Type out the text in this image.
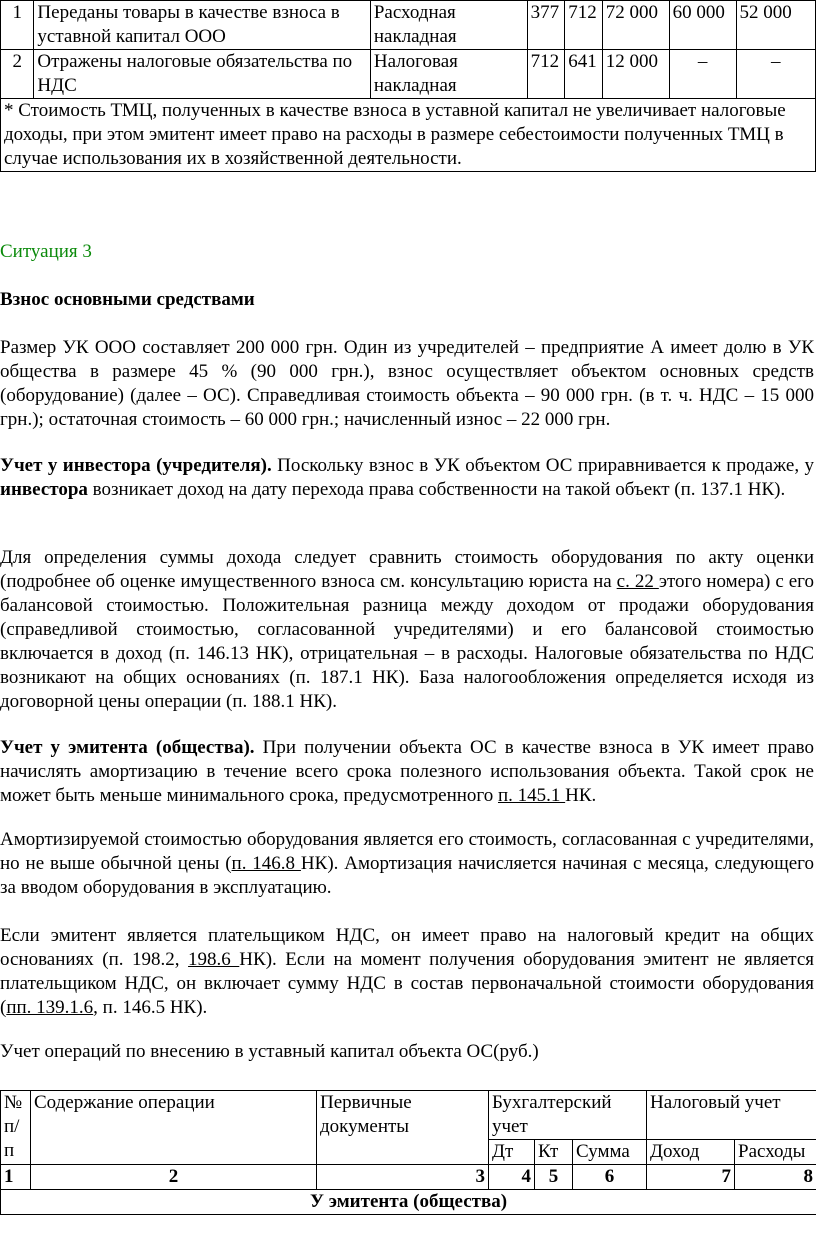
1	Переданы товары в качестве взноса в уставной капитал ООО	Расходная накладная	377	712	72 000	60 000	52 000
2	Отражены налоговые обязательства по НДС	Налоговая накладная	712	641	12 000	–	–
* Стоимость ТМЦ, полученных в качестве взноса в уставной капитал не увеличивает налоговые доходы, при этом эмитент имеет право на расходы в размере себестоимости полученных ТМЦ в случае использования их в хозяйственной деятельности.							
Ситуация 3
Взнос основными средствами
Размер УК ООО составляет 200 000 грн. Один из учредителей – предприятие А имеет долю в УК общества в размере 45 % (90 000 грн.), взнос осуществляет объектом основных средств (оборудование) (далее – ОС). Справедливая стоимость объекта – 90 000 грн. (в т. ч. НДС – 15 000 грн.); остаточная стоимость – 60 000 грн.; начисленный износ – 22 000 грн.
Учет у инвестора (учредителя). Поскольку взнос в УК объектом ОС приравнивается к продаже, у инвестора возникает доход на дату перехода права собственности на такой объект (п. 137.1 НК).
Для определения суммы дохода следует сравнить стоимость оборудования по акту оценки (подробнее об оценке имущественного взноса см. консультацию юриста на с. 22 этого номера) с его балансовой стоимостью. Положительная разница между доходом от продажи оборудования (справедливой стоимостью, согласованной учредителями) и его балансовой стоимостью включается в доход (п. 146.13 НК), отрицательная – в расходы. Налоговые обязательства по НДС возникают на общих основаниях (п. 187.1 НК). База налогообложения определяется исходя из договорной цены операции (п. 188.1 НК).
Учет у эмитента (общества). При получении объекта ОС в качестве взноса в УК имеет право начислять амортизацию в течение всего срока полезного использования объекта. Такой срок не может быть меньше минимального срока, предусмотренного п. 145.1 НК.
Амортизируемой стоимостью оборудования является его стоимость, согласованная с учредителями, но не выше обычной цены (п. 146.8 НК). Амортизация начисляется начиная с месяца, следующего за вводом оборудования в эксплуатацию.
Если эмитент является плательщиком НДС, он имеет право на налоговый кредит на общих основаниях (п. 198.2, 198.6 НК). Если на момент получения оборудования эмитент не является плательщиком НДС, он включает сумму НДС в состав первоначальной стоимости оборудования (пп. 139.1.6, п. 146.5 НК).
Учет операций по внесению в уставный капитал объекта ОС(руб.)
№ п/п	Содержание операции	Первичные документы	Бухгалтерский учет			Налоговый учет	
			Дт	Кт	Сумма	Доход	Расходы
1	2	3	4	5	6	7	8
У эмитента (общества)							
